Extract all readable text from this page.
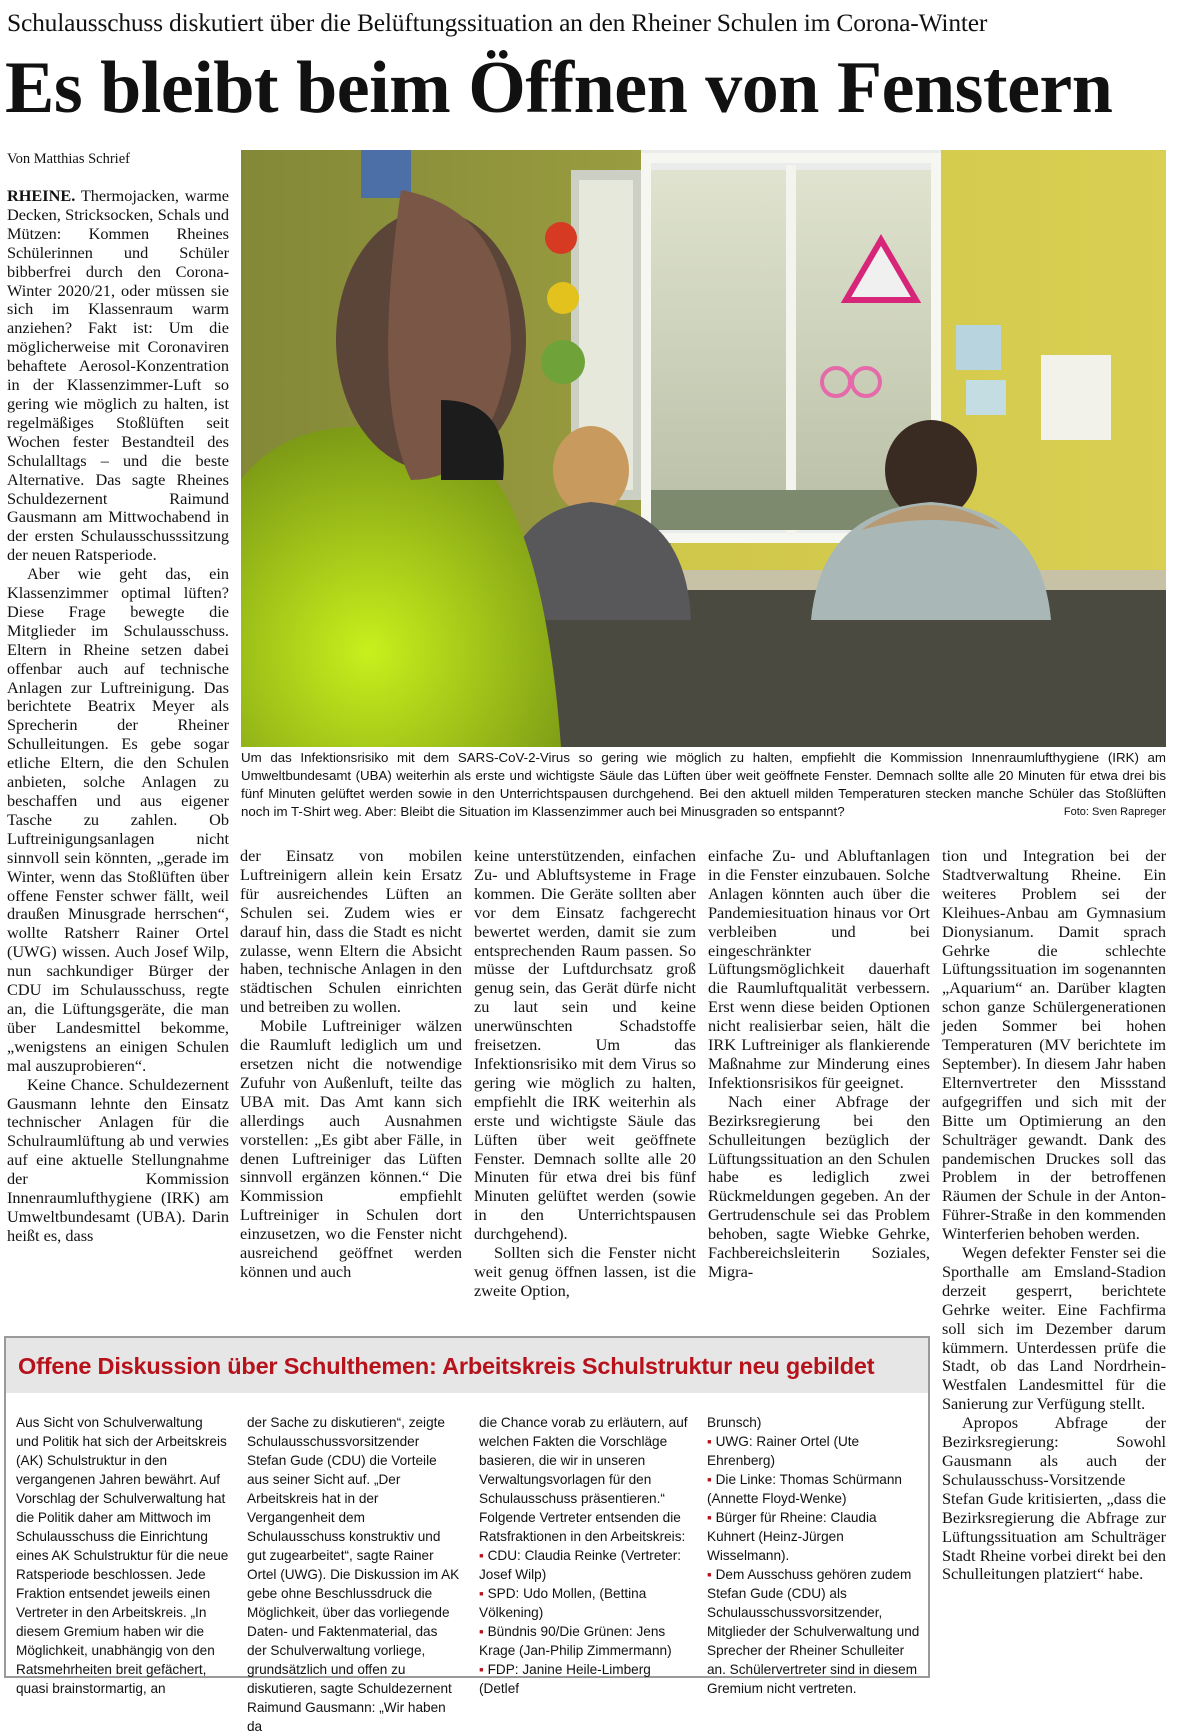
Schulausschuss diskutiert über die Belüftungssituation an den Rheiner Schulen im Corona-Winter
Es bleibt beim Öffnen von Fenstern
Von Matthias Schrief

RHEINE. Thermojacken, warme Decken, Stricksocken, Schals und Mützen: Kommen Rheines Schülerinnen und Schüler bibberfrei durch den Corona-Winter 2020/21, oder müssen sie sich im Klassenraum warm anziehen? Fakt ist: Um die möglicherweise mit Coronaviren behaftete Aerosol-Konzentration in der Klassenzimmer-Luft so gering wie möglich zu halten, ist regelmäßiges Stoßlüften seit Wochen fester Bestandteil des Schulalltags – und die beste Alternative. Das sagte Rheines Schuldezernent Raimund Gausmann am Mittwochabend in der ersten Schulausschusssitzung der neuen Ratsperiode.

Aber wie geht das, ein Klassenzimmer optimal lüften? Diese Frage bewegte die Mitglieder im Schulausschuss. Eltern in Rheine setzen dabei offenbar auch auf technische Anlagen zur Luftreinigung. Das berichtete Beatrix Meyer als Sprecherin der Rheiner Schulleitungen. Es gebe sogar etliche Eltern, die den Schulen anbieten, solche Anlagen zu beschaffen und aus eigener Tasche zu zahlen. Ob Luftreinigungsanlagen nicht sinnvoll sein könnten, „gerade im Winter, wenn das Stoßlüften über offene Fenster schwer fällt, weil draußen Minusgrade herrschen“, wollte Ratsherr Rainer Ortel (UWG) wissen. Auch Josef Wilp, nun sachkundiger Bürger der CDU im Schulausschuss, regte an, die Lüftungsgeräte, die man über Landesmittel bekomme, „wenigstens an einigen Schulen mal auszuprobieren“.

Keine Chance. Schuldezernent Gausmann lehnte den Einsatz technischer Anlagen für die Schulraumlüftung ab und verwies auf eine aktuelle Stellungnahme der Kommission Innenraumlufthygiene (IRK) am Umweltbundesamt (UBA). Darin heißt es, dass

Um das Infektionsrisiko mit dem SARS-CoV-2-Virus so gering wie möglich zu halten, empfiehlt die Kommission Innenraumlufthygiene (IRK) am Umweltbundesamt (UBA) weiterhin als erste und wichtigste Säule das Lüften über weit geöffnete Fenster. Demnach sollte alle 20 Minuten für etwa drei bis fünf Minuten gelüftet werden sowie in den Unterrichtspausen durchgehend. Bei den aktuell milden Temperaturen stecken manche Schüler das Stoßlüften noch im T-Shirt weg. Aber: Bleibt die Situation im Klassenzimmer auch bei Minusgraden so entspannt?	Foto: Sven Rapreger

der Einsatz von mobilen Luftreinigern allein kein Ersatz für ausreichendes Lüften an Schulen sei. Zudem wies er darauf hin, dass die Stadt es nicht zulasse, wenn Eltern die Absicht haben, technische Anlagen in den städtischen Schulen einrichten und betreiben zu wollen.

Mobile Luftreiniger wälzen die Raumluft lediglich um und ersetzen nicht die notwendige Zufuhr von Außenluft, teilte das UBA mit. Das Amt kann sich allerdings auch Ausnahmen vorstellen: „Es gibt aber Fälle, in denen Luftreiniger das Lüften sinnvoll ergänzen können.“ Die Kommission empfiehlt Luftreiniger in Schulen dort einzusetzen, wo die Fenster nicht ausreichend geöffnet werden können und auch

keine unterstützenden, einfachen Zu- und Abluftsysteme in Frage kommen. Die Geräte sollten aber vor dem Einsatz fachgerecht bewertet werden, damit sie zum entsprechenden Raum passen. So müsse der Luftdurchsatz groß genug sein, das Gerät dürfe nicht zu laut sein und keine unerwünschten Schadstoffe freisetzen. Um das Infektionsrisiko mit dem Virus so gering wie möglich zu halten, empfiehlt die IRK weiterhin als erste und wichtigste Säule das Lüften über weit geöffnete Fenster. Demnach sollte alle 20 Minuten für etwa drei bis fünf Minuten gelüftet werden (sowie in den Unterrichtspausen durchgehend).

Sollten sich die Fenster nicht weit genug öffnen lassen, ist die zweite Option,

einfache Zu- und Abluftanlagen in die Fenster einzubauen. Solche Anlagen könnten auch über die Pandemiesituation hinaus vor Ort verbleiben und bei eingeschränkter Lüftungsmöglichkeit dauerhaft die Raumluftqualität verbessern. Erst wenn diese beiden Optionen nicht realisierbar seien, hält die IRK Luftreiniger als flankierende Maßnahme zur Minderung eines Infektionsrisikos für geeignet.

Nach einer Abfrage der Bezirksregierung bei den Schulleitungen bezüglich der Lüftungssituation an den Schulen habe es lediglich zwei Rückmeldungen gegeben. An der Gertrudenschule sei das Problem behoben, sagte Wiebke Gehrke, Fachbereichsleiterin Soziales, Migra-

tion und Integration bei der Stadtverwaltung Rheine. Ein weiteres Problem sei der Kleihues-Anbau am Gymnasium Dionysianum. Damit sprach Gehrke die schlechte Lüftungssituation im sogenannten „Aquarium“ an. Darüber klagten schon ganze Schülergenerationen jeden Sommer bei hohen Temperaturen (MV berichtete im September). In diesem Jahr haben Elternvertreter den Missstand aufgegriffen und sich mit der Bitte um Optimierung an den Schulträger gewandt. Dank des pandemischen Druckes soll das Problem in der betroffenen Räumen der Schule in der Anton-Führer-Straße in den kommenden Winterferien behoben werden.

Wegen defekter Fenster sei die Sporthalle am Emsland-Stadion derzeit gesperrt, berichtete Gehrke weiter. Eine Fachfirma soll sich im Dezember darum kümmern. Unterdessen prüfe die Stadt, ob das Land Nordrhein-Westfalen Landesmittel für die Sanierung zur Verfügung stellt.

Apropos Abfrage der Bezirksregierung: Sowohl Gausmann als auch der Schulausschuss-Vorsitzende Stefan Gude kritisierten, „dass die Bezirksregierung die Abfrage zur Lüftungssituation am Schulträger Stadt Rheine vorbei direkt bei den Schulleitungen platziert“ habe.

Offene Diskussion über Schulthemen: Arbeitskreis Schulstruktur neu gebildet

Aus Sicht von Schulverwaltung und Politik hat sich der Arbeitskreis (AK) Schulstruktur in den vergangenen Jahren bewährt. Auf Vorschlag der Schulverwaltung hat die Politik daher am Mittwoch im Schulausschuss die Einrichtung eines AK Schulstruktur für die neue Ratsperiode beschlossen. Jede Fraktion entsendet jeweils einen Vertreter in den Arbeitskreis. „In diesem Gremium haben wir die Möglichkeit, unabhängig von den Ratsmehrheiten breit gefächert, quasi brainstormartig, an

der Sache zu diskutieren“, zeigte Schulausschussvorsitzender Stefan Gude (CDU) die Vorteile aus seiner Sicht auf. „Der Arbeitskreis hat in der Vergangenheit dem Schulausschuss konstruktiv und gut zugearbeitet“, sagte Rainer Ortel (UWG). Die Diskussion im AK gebe ohne Beschlussdruck die Möglichkeit, über das vorliegende Daten- und Faktenmaterial, das der Schulverwaltung vorliege, grundsätzlich und offen zu diskutieren, sagte Schuldezernent Raimund Gausmann: „Wir haben da

die Chance vorab zu erläutern, auf welchen Fakten die Vorschläge basieren, die wir in unseren Verwaltungsvorlagen für den Schulausschuss präsentieren.“ Folgende Vertreter entsenden die Ratsfraktionen in den Arbeitskreis:

▪ CDU: Claudia Reinke (Vertreter: Josef Wilp)

▪ SPD: Udo Mollen, (Bettina Völkening)

▪ Bündnis 90/Die Grünen: Jens Krage (Jan-Philip Zimmermann)

▪ FDP: Janine Heile-Limberg (Detlef

Brunsch)

▪ UWG: Rainer Ortel (Ute Ehrenberg)

▪ Die Linke: Thomas Schürmann (Annette Floyd-Wenke)

▪ Bürger für Rheine: Claudia Kuhnert (Heinz-Jürgen Wisselmann).

▪ Dem Ausschuss gehören zudem Stefan Gude (CDU) als Schulausschussvorsitzender, Mitglieder der Schulverwaltung und Sprecher der Rheiner Schulleiter an. Schülervertreter sind in diesem Gremium nicht vertreten.
